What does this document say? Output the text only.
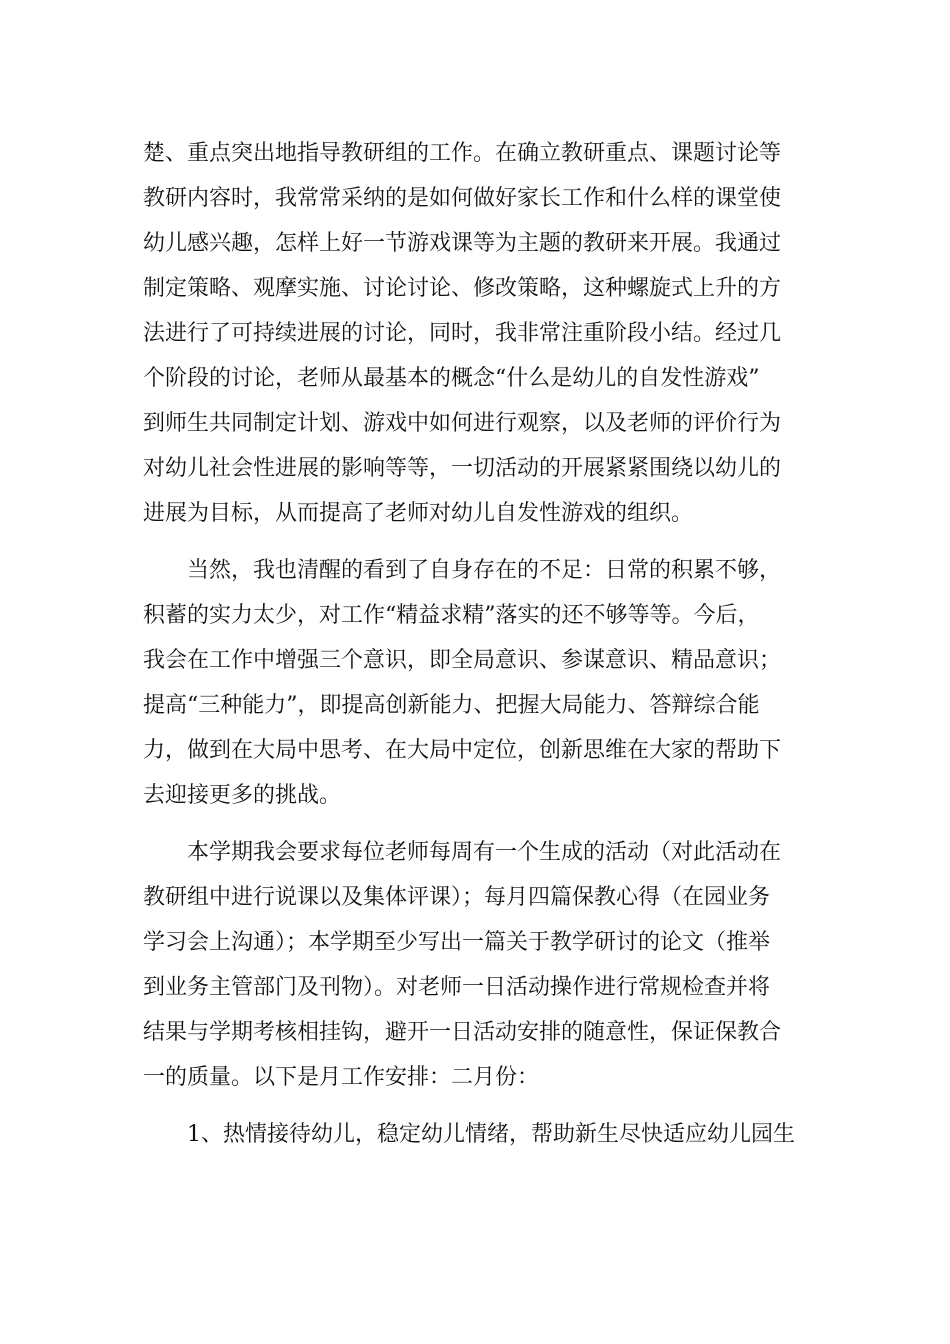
楚、重点突出地指导教研组的工作。在确立教研重点、课题讨论等
教研内容时，我常常采纳的是如何做好家长工作和什么样的课堂使
幼儿感兴趣，怎样上好一节游戏课等为主题的教研来开展。我通过
制定策略、观摩实施、讨论讨论、修改策略，这种螺旋式上升的方
法进行了可持续进展的讨论，同时，我非常注重阶段小结。经过几
个阶段的讨论，老师从最基本的概念“什么是幼儿的自发性游戏”
到师生共同制定计划、游戏中如何进行观察，以及老师的评价行为
对幼儿社会性进展的影响等等，一切活动的开展紧紧围绕以幼儿的
进展为目标，从而提高了老师对幼儿自发性游戏的组织。
当然，我也清醒的看到了自身存在的不足：日常的积累不够，
积蓄的实力太少，对工作“精益求精”落实的还不够等等。今后，
我会在工作中增强三个意识，即全局意识、参谋意识、精品意识；
提高“三种能力”，即提高创新能力、把握大局能力、答辩综合能
力，做到在大局中思考、在大局中定位，创新思维在大家的帮助下
去迎接更多的挑战。
本学期我会要求每位老师每周有一个生成的活动（对此活动在
教研组中进行说课以及集体评课）；每月四篇保教心得（在园业务
学习会上沟通）；本学期至少写出一篇关于教学研讨的论文（推举
到业务主管部门及刊物）。对老师一日活动操作进行常规检查并将
结果与学期考核相挂钩，避开一日活动安排的随意性，保证保教合
一的质量。以下是月工作安排：二月份：
1、热情接待幼儿，稳定幼儿情绪，帮助新生尽快适应幼儿园生
